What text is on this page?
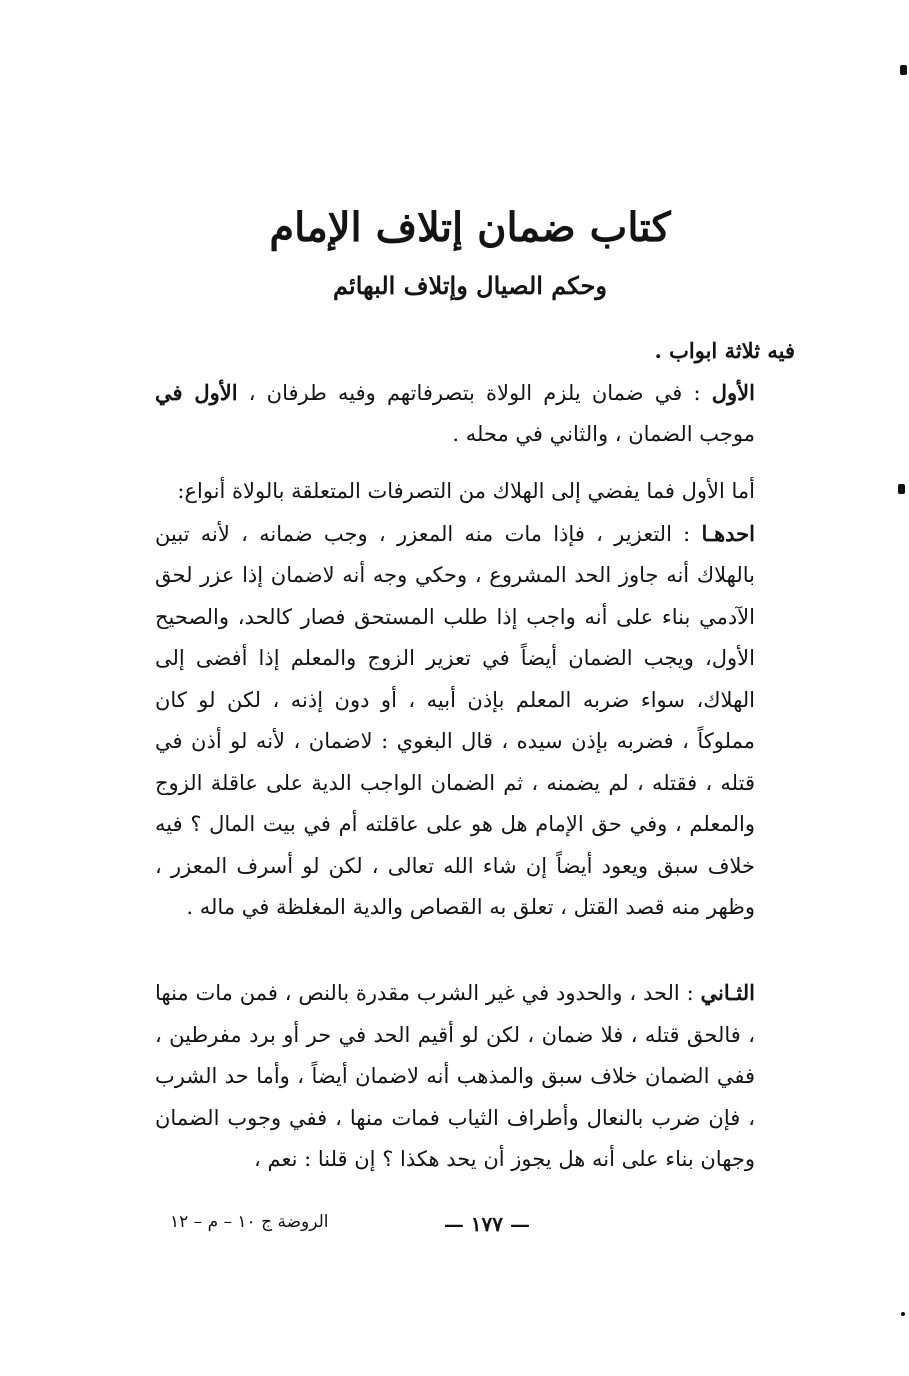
كتاب ضمان إتلاف الإمام
وحكم الصيال وإتلاف البهائم
فيه ثلاثة ابواب .
الأول : في ضمان يلزم الولاة بتصرفاتهم وفيه طرفان ، الأول في موجب الضمان ، والثاني في محله .
أما الأول فما يفضي إلى الهلاك من التصرفات المتعلقة بالولاة أنواع:
احدهـا : التعزير ، فإذا مات منه المعزر ، وجب ضمانه ، لأنه تبين بالهلاك أنه جاوز الحد المشروع ، وحكي وجه أنه لاضمان إذا عزر لحق الآدمي بناء على أنه واجب إذا طلب المستحق فصار كالحد، والصحيح الأول، ويجب الضمان أيضاً في تعزير الزوج والمعلم إذا أفضى إلى الهلاك، سواء ضربه المعلم بإذن أبيه ، أو دون إذنه ، لكن لو كان مملوكاً ، فضربه بإذن سيده ، قال البغوي : لاضمان ، لأنه لو أذن في قتله ، فقتله ، لم يضمنه ، ثم الضمان الواجب الدية على عاقلة الزوج والمعلم ، وفي حق الإمام هل هو على عاقلته أم في بيت المال ؟ فيه خلاف سبق ويعود أيضاً إن شاء الله تعالى ، لكن لو أسرف المعزر ، وظهر منه قصد القتل ، تعلق به القصاص والدية المغلظة في ماله .
الثـاني : الحد ، والحدود في غير الشرب مقدرة بالنص ، فمن مات منها ، فالحق قتله ، فلا ضمان ، لكن لو أقيم الحد في حر أو برد مفرطين ، ففي الضمان خلاف سبق والمذهب أنه لاضمان أيضاً ، وأما حد الشرب ، فإن ضرب بالنعال وأطراف الثياب فمات منها ، ففي وجوب الضمان وجهان بناء على أنه هل يجوز أن يحد هكذا ؟ إن قلنا : نعم ،
— ١٧٧ —
الروضة ج ١٠ – م – ١٢
